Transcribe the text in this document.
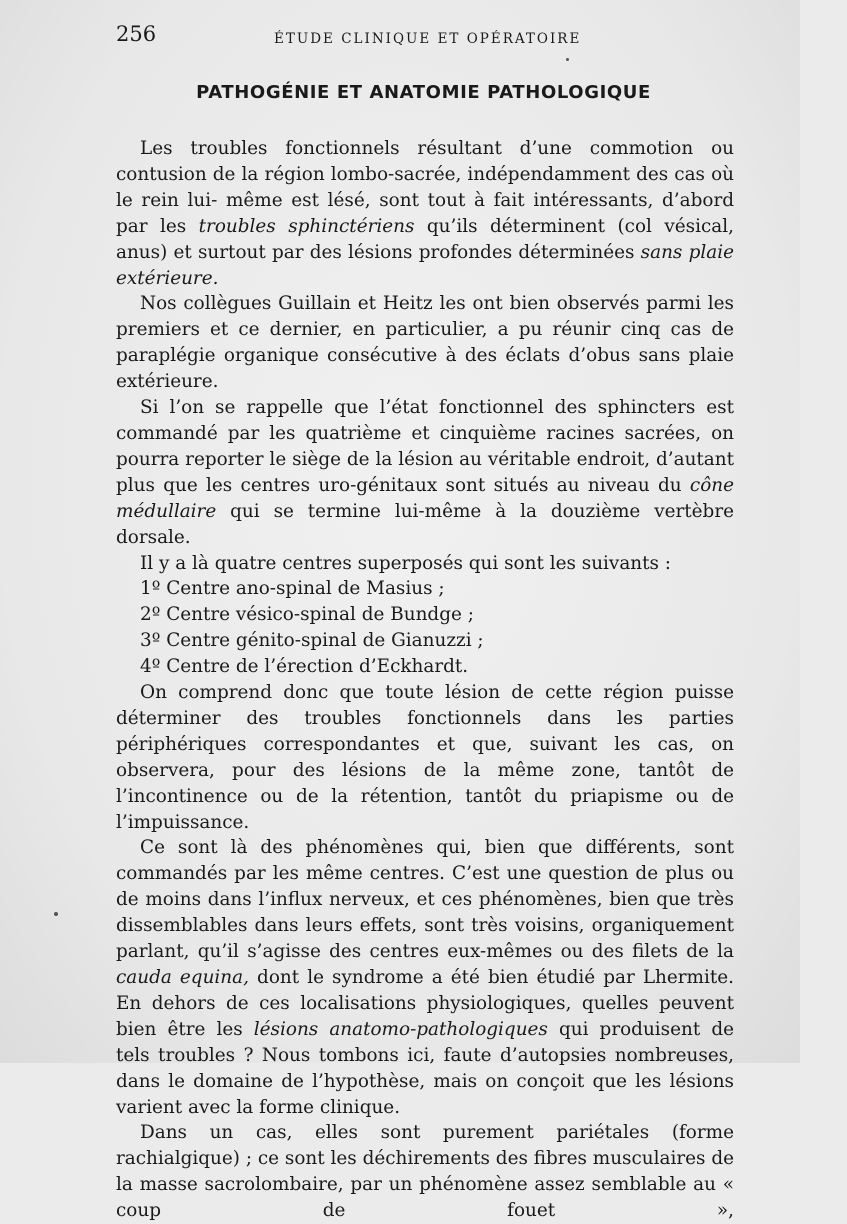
256	ÉTUDE CLINIQUE ET OPÉRATOIRE
PATHOGÉNIE ET ANATOMIE PATHOLOGIQUE

Les troubles fonctionnels résultant d’une commotion ou contusion de la région lombo-sacrée, indépendamment des cas où le rein lui- même est lésé, sont tout à fait intéressants, d’abord par les troubles sphinctériens qu’ils déterminent (col vésical, anus) et surtout par des lésions profondes déterminées sans plaie extérieure.

Nos collègues Guillain et Heitz les ont bien observés parmi les premiers et ce dernier, en particulier, a pu réunir cinq cas de paraplégie organique consécutive à des éclats d’obus sans plaie extérieure.

Si l’on se rappelle que l’état fonctionnel des sphincters est commandé par les quatrième et cinquième racines sacrées, on pourra reporter le siège de la lésion au véritable endroit, d’autant plus que les centres uro-génitaux sont situés au niveau du cône médullaire qui se termine lui-même à la douzième vertèbre dorsale.

Il y a là quatre centres superposés qui sont les suivants :

1º Centre ano-spinal de Masius ;

2º Centre vésico-spinal de Bundge ;

3º Centre génito-spinal de Gianuzzi ;

4º Centre de l’érection d’Eckhardt.

On comprend donc que toute lésion de cette région puisse déterminer des troubles fonctionnels dans les parties périphériques correspondantes et que, suivant les cas, on observera, pour des lésions de la même zone, tantôt de l’incontinence ou de la rétention, tantôt du priapisme ou de l’impuissance.

Ce sont là des phénomènes qui, bien que différents, sont commandés par les même centres. C’est une question de plus ou de moins dans l’influx nerveux, et ces phénomènes, bien que très dissemblables dans leurs effets, sont très voisins, organiquement parlant, qu’il s’agisse des centres eux-mêmes ou des filets de la cauda equina, dont le syndrome a été bien étudié par Lhermite. En dehors de ces localisations physiologiques, quelles peuvent bien être les lésions anatomo-pathologiques qui produisent de tels troubles ? Nous tombons ici, faute d’autopsies nombreuses, dans le domaine de l’hypothèse, mais on conçoit que les lésions varient avec la forme clinique.

Dans un cas, elles sont purement pariétales (forme rachialgique) ; ce sont les déchirements des fibres musculaires de la masse sacrolombaire, par un phénomène assez semblable au « coup de fouet »,
